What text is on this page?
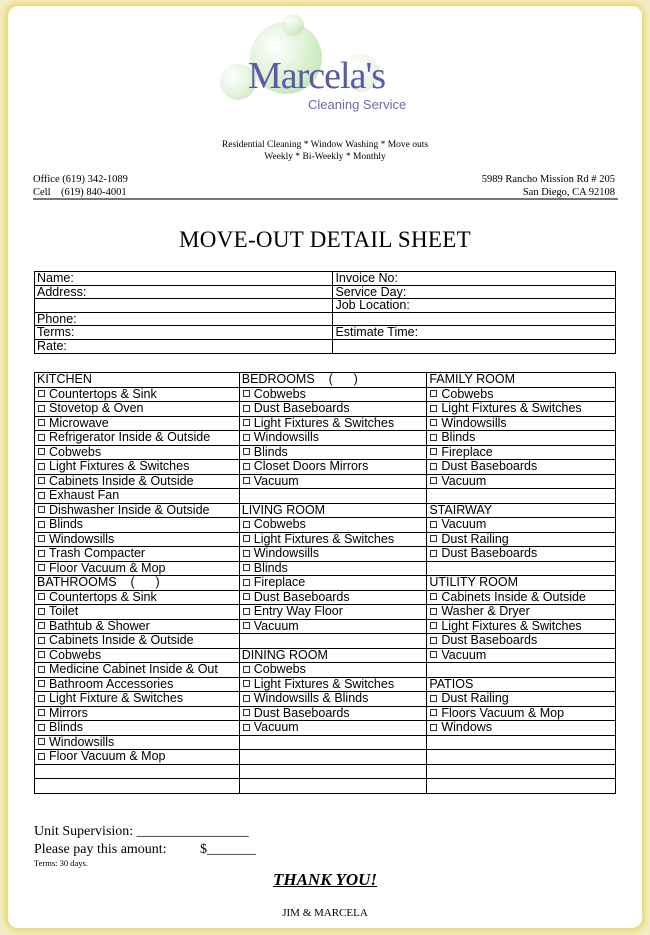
Marcela's
Cleaning Service
Residential Cleaning * Window Washing * Move outs
Weekly * Bi-Weekly * Monthly
Office (619) 342-1089
Cell    (619) 840-4001
5989 Rancho Mission Rd # 205
San Diego, CA 92108
MOVE-OUT DETAIL SHEET
Name:	Invoice No:
Address:	Service Day:
	Job Location:
Phone:	
Terms:	Estimate Time:
Rate:	
KITCHEN	BEDROOMS    (      )	FAMILY ROOM
Countertops & Sink	Cobwebs	Cobwebs
Stovetop & Oven	Dust Baseboards	Light Fixtures & Switches
Microwave	Light Fixtures & Switches	Windowsills
Refrigerator Inside & Outside	Windowsills	Blinds
Cobwebs	Blinds	Fireplace
Light Fixtures & Switches	Closet Doors Mirrors	Dust Baseboards
Cabinets Inside & Outside	Vacuum	Vacuum
Exhaust Fan		
Dishwasher Inside & Outside	LIVING ROOM	STAIRWAY
Blinds	Cobwebs	Vacuum
Windowsills	Light Fixtures & Switches	Dust Railing
Trash Compacter	Windowsills	Dust Baseboards
Floor Vacuum & Mop	Blinds	
BATHROOMS    (      )	Fireplace	UTILITY ROOM
Countertops & Sink	Dust Baseboards	Cabinets Inside & Outside
Toilet	Entry Way Floor	Washer & Dryer
Bathtub & Shower	Vacuum	Light Fixtures & Switches
Cabinets Inside & Outside		Dust Baseboards
Cobwebs	DINING ROOM	Vacuum
Medicine Cabinet Inside & Out	Cobwebs	
Bathroom Accessories	Light Fixtures & Switches	PATIOS
Light Fixture & Switches	Windowsills & Blinds	Dust Railing
Mirrors	Dust Baseboards	Floors Vacuum & Mop
Blinds	Vacuum	Windows
Windowsills		
Floor Vacuum & Mop		

Unit Supervision: ________________
Please pay this amount: $_______
Terms: 30 days.
THANK YOU!
JIM & MARCELA
